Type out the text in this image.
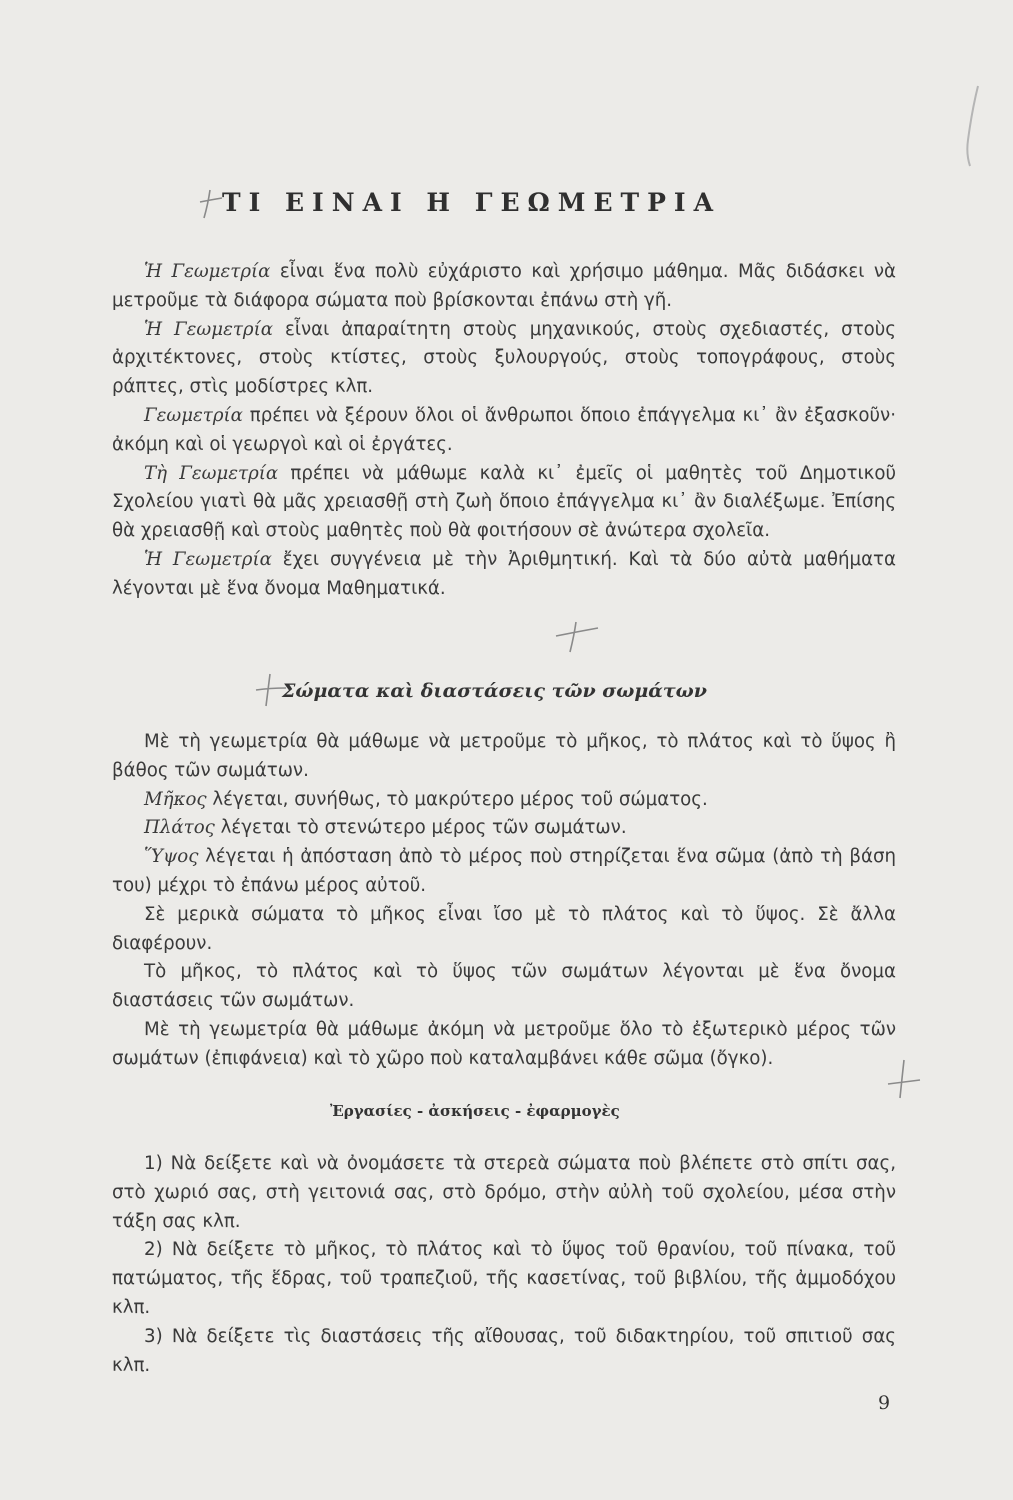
ΤΙ ΕΙΝΑΙ Η ΓΕΩΜΕΤΡΙΑ

Ἡ Γεωμετρία εἶναι ἕνα πολὺ εὐχάριστο καὶ χρήσιμο μάθημα. Μᾶς διδάσκει νὰ μετροῦμε τὰ διάφορα σώματα ποὺ βρίσκονται ἐπάνω στὴ γῆ.

Ἡ Γεωμετρία εἶναι ἀπαραίτητη στοὺς μηχανικούς, στοὺς σχεδιαστές, στοὺς ἀρχιτέκτονες, στοὺς κτίστες, στοὺς ξυλουργούς, στοὺς τοπογράφους, στοὺς ράπτες, στὶς μοδίστρες κλπ.

Γεωμετρία πρέπει νὰ ξέρουν ὅλοι οἱ ἄνθρωποι ὅποιο ἐπάγγελμα κι᾽ ἂν ἐξασκοῦν· ἀκόμη καὶ οἱ γεωργοὶ καὶ οἱ ἐργάτες.

Τὴ Γεωμετρία πρέπει νὰ μάθωμε καλὰ κι᾽ ἐμεῖς οἱ μαθητὲς τοῦ Δημοτικοῦ Σχολείου γιατὶ θὰ μᾶς χρειασθῇ στὴ ζωὴ ὅποιο ἐπάγγελμα κι᾽ ἂν διαλέξωμε. Ἐπίσης θὰ χρειασθῇ καὶ στοὺς μαθητὲς ποὺ θὰ φοιτήσουν σὲ ἀνώτερα σχολεῖα.

Ἡ Γεωμετρία ἔχει συγγένεια μὲ τὴν Ἀριθμητική. Καὶ τὰ δύο αὐτὰ μαθήματα λέγονται μὲ ἕνα ὄνομα Μαθηματικά.

Σώματα καὶ διαστάσεις τῶν σωμάτων

Μὲ τὴ γεωμετρία θὰ μάθωμε νὰ μετροῦμε τὸ μῆκος, τὸ πλάτος καὶ τὸ ὕψος ἢ βάθος τῶν σωμάτων.

Μῆκος λέγεται, συνήθως, τὸ μακρύτερο μέρος τοῦ σώματος.

Πλάτος λέγεται τὸ στενώτερο μέρος τῶν σωμάτων.

Ὕψος λέγεται ἡ ἀπόσταση ἀπὸ τὸ μέρος ποὺ στηρίζεται ἕνα σῶμα (ἀπὸ τὴ βάση του) μέχρι τὸ ἐπάνω μέρος αὐτοῦ.

Σὲ μερικὰ σώματα τὸ μῆκος εἶναι ἴσο μὲ τὸ πλάτος καὶ τὸ ὕψος. Σὲ ἄλλα διαφέρουν.

Τὸ μῆκος, τὸ πλάτος καὶ τὸ ὕψος τῶν σωμάτων λέγονται μὲ ἕνα ὄνομα διαστάσεις τῶν σωμάτων.

Μὲ τὴ γεωμετρία θὰ μάθωμε ἀκόμη νὰ μετροῦμε ὅλο τὸ ἐξωτερικὸ μέρος τῶν σωμάτων (ἐπιφάνεια) καὶ τὸ χῶρο ποὺ καταλαμβάνει κάθε σῶμα (ὄγκο).

Ἐργασίες - ἀσκήσεις - ἐφαρμογὲς

1) Νὰ δείξετε καὶ νὰ ὀνομάσετε τὰ στερεὰ σώματα ποὺ βλέπετε στὸ σπίτι σας, στὸ χωριό σας, στὴ γειτονιά σας, στὸ δρόμο, στὴν αὐλὴ τοῦ σχολείου, μέσα στὴν τάξη σας κλπ.

2) Νὰ δείξετε τὸ μῆκος, τὸ πλάτος καὶ τὸ ὕψος τοῦ θρανίου, τοῦ πίνακα, τοῦ πατώματος, τῆς ἕδρας, τοῦ τραπεζιοῦ, τῆς κασετίνας, τοῦ βιβλίου, τῆς ἀμμοδόχου κλπ.

3) Νὰ δείξετε τὶς διαστάσεις τῆς αἴθουσας, τοῦ διδακτηρίου, τοῦ σπιτιοῦ σας κλπ.

9
